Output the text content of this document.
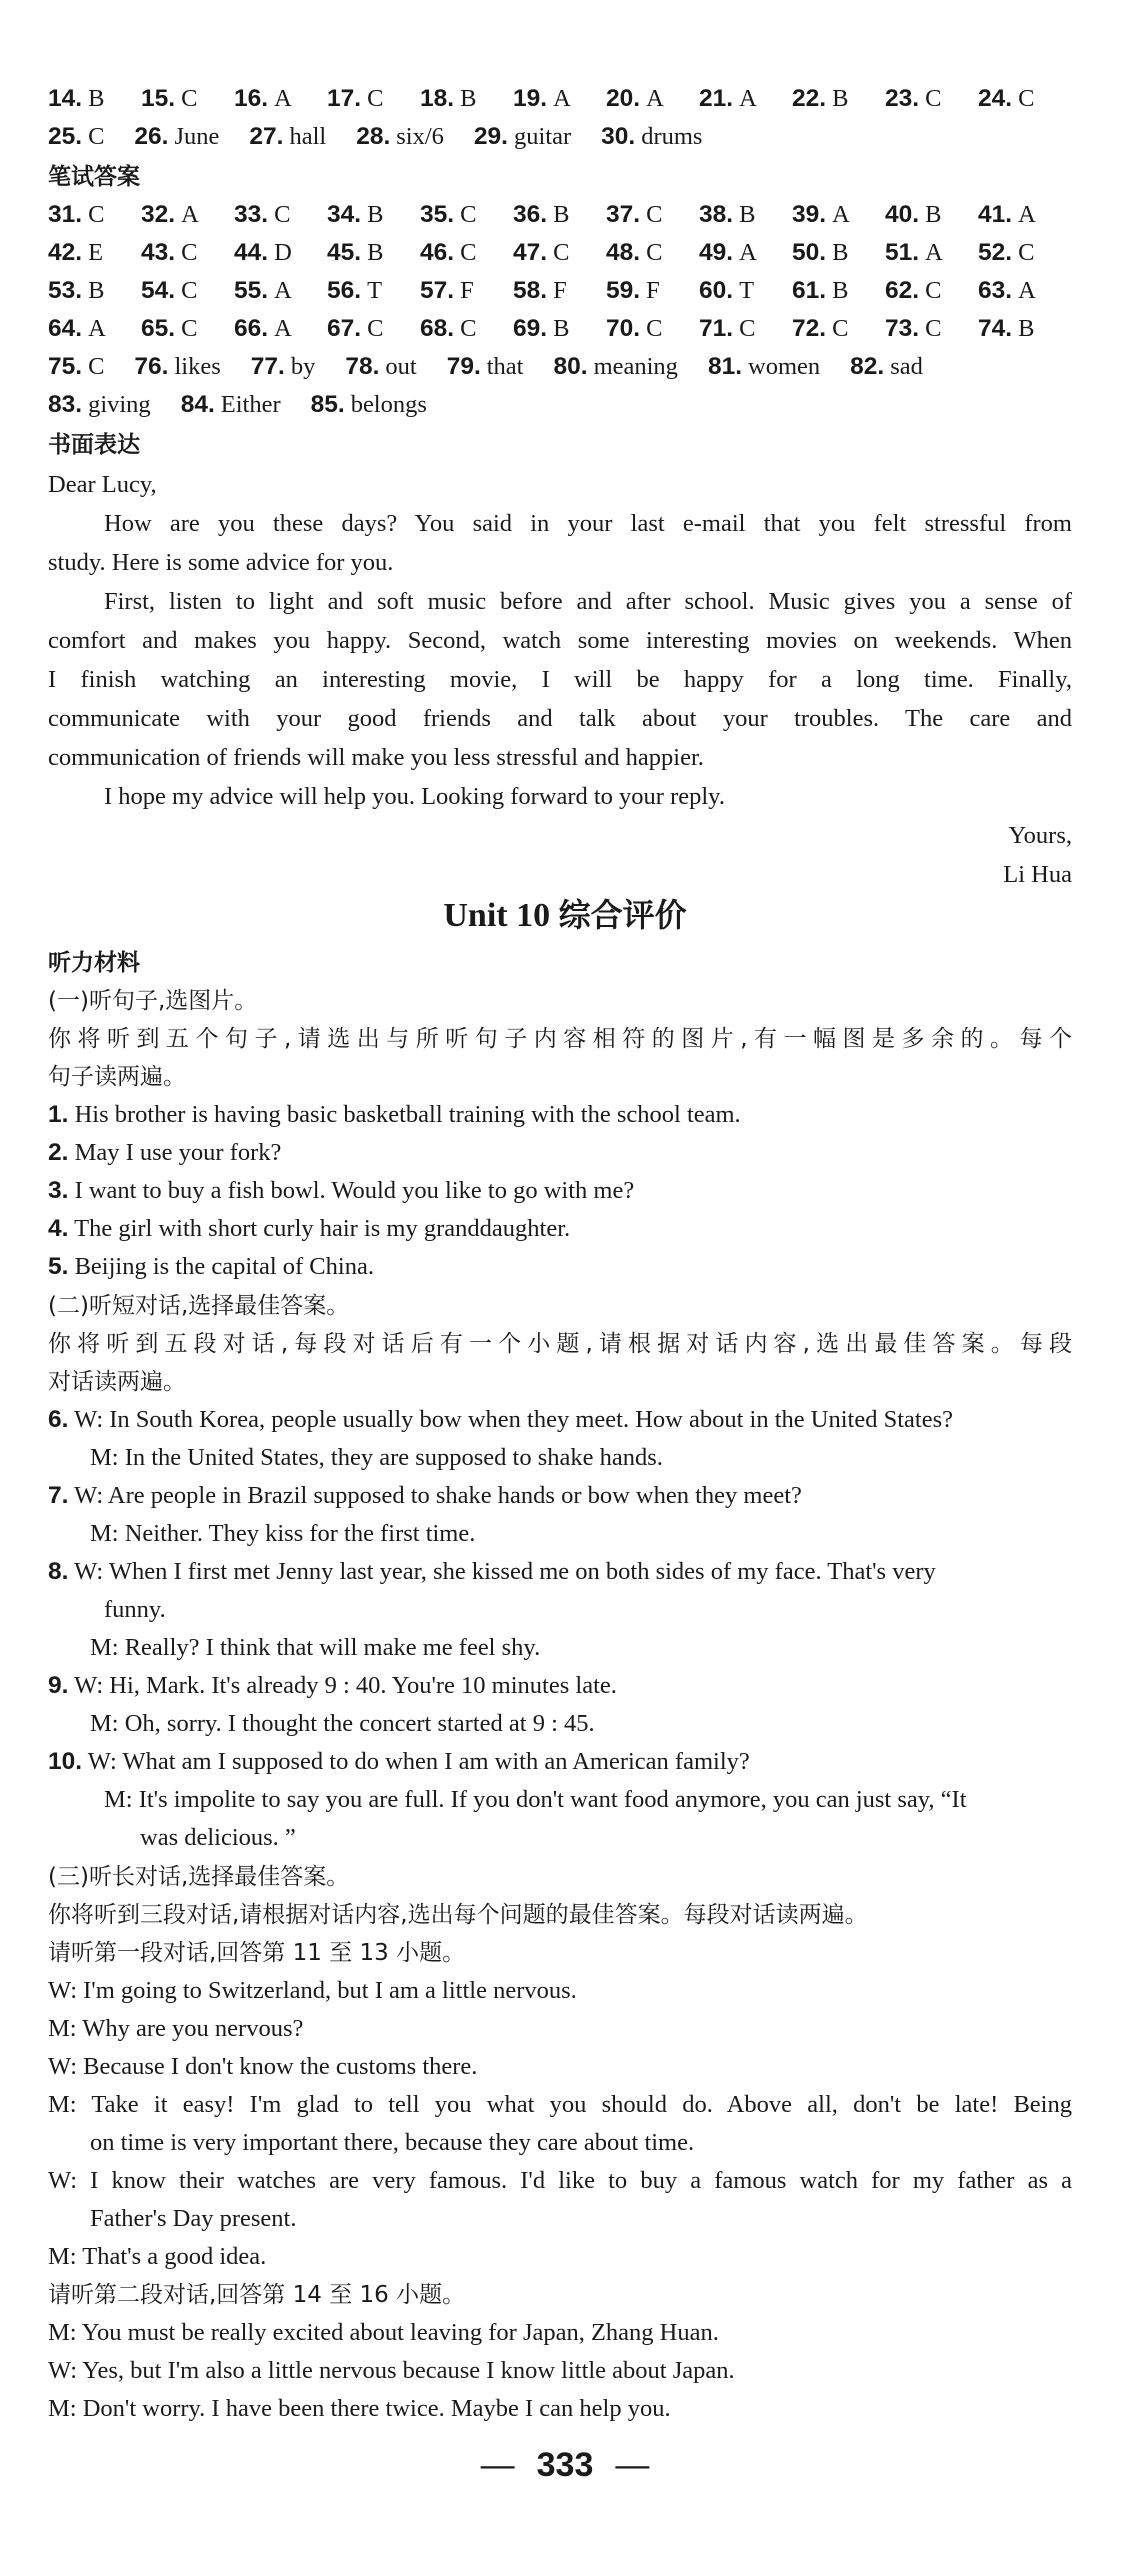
14. B 15. C 16. A 17. C 18. B 19. A 20. A 21. A 22. B 23. C 24. C
25. C 26. June 27. hall 28. six/6 29. guitar 30. drums
笔试答案
31. C 32. A 33. C 34. B 35. C 36. B 37. C 38. B 39. A 40. B 41. A
42. E 43. C 44. D 45. B 46. C 47. C 48. C 49. A 50. B 51. A 52. C
53. B 54. C 55. A 56. T 57. F 58. F 59. F 60. T 61. B 62. C 63. A
64. A 65. C 66. A 67. C 68. C 69. B 70. C 71. C 72. C 73. C 74. B
75. C 76. likes 77. by 78. out 79. that 80. meaning 81. women 82. sad
83. giving 84. Either 85. belongs
书面表达
Dear Lucy,
How are you these days? You said in your last e-mail that you felt stressful from
study. Here is some advice for you.
First, listen to light and soft music before and after school. Music gives you a sense of
comfort and makes you happy. Second, watch some interesting movies on weekends. When
I finish watching an interesting movie, I will be happy for a long time. Finally,
communicate with your good friends and talk about your troubles. The care and
communication of friends will make you less stressful and happier.
I hope my advice will help you. Looking forward to your reply.
Yours,
Li Hua
Unit 10 综合评价
听力材料
(一)听句子,选图片。
你将听到五个句子,请选出与所听句子内容相符的图片,有一幅图是多余的。每个
句子读两遍。
1. His brother is having basic basketball training with the school team.
2. May I use your fork?
3. I want to buy a fish bowl. Would you like to go with me?
4. The girl with short curly hair is my granddaughter.
5. Beijing is the capital of China.
(二)听短对话,选择最佳答案。
你将听到五段对话,每段对话后有一个小题,请根据对话内容,选出最佳答案。每段
对话读两遍。
6. W: In South Korea, people usually bow when they meet. How about in the United States?
M: In the United States, they are supposed to shake hands.
7. W: Are people in Brazil supposed to shake hands or bow when they meet?
M: Neither. They kiss for the first time.
8. W: When I first met Jenny last year, she kissed me on both sides of my face. That's very
funny.
M: Really? I think that will make me feel shy.
9. W: Hi, Mark. It's already 9 : 40. You're 10 minutes late.
M: Oh, sorry. I thought the concert started at 9 : 45.
10. W: What am I supposed to do when I am with an American family?
M: It's impolite to say you are full. If you don't want food anymore, you can just say, “It
was delicious. ”
(三)听长对话,选择最佳答案。
你将听到三段对话,请根据对话内容,选出每个问题的最佳答案。每段对话读两遍。
请听第一段对话,回答第 11 至 13 小题。
W: I'm going to Switzerland, but I am a little nervous.
M: Why are you nervous?
W: Because I don't know the customs there.
M: Take it easy! I'm glad to tell you what you should do. Above all, don't be late! Being
on time is very important there, because they care about time.
W: I know their watches are very famous. I'd like to buy a famous watch for my father as a
Father's Day present.
M: That's a good idea.
请听第二段对话,回答第 14 至 16 小题。
M: You must be really excited about leaving for Japan, Zhang Huan.
W: Yes, but I'm also a little nervous because I know little about Japan.
M: Don't worry. I have been there twice. Maybe I can help you.
— 333 —
